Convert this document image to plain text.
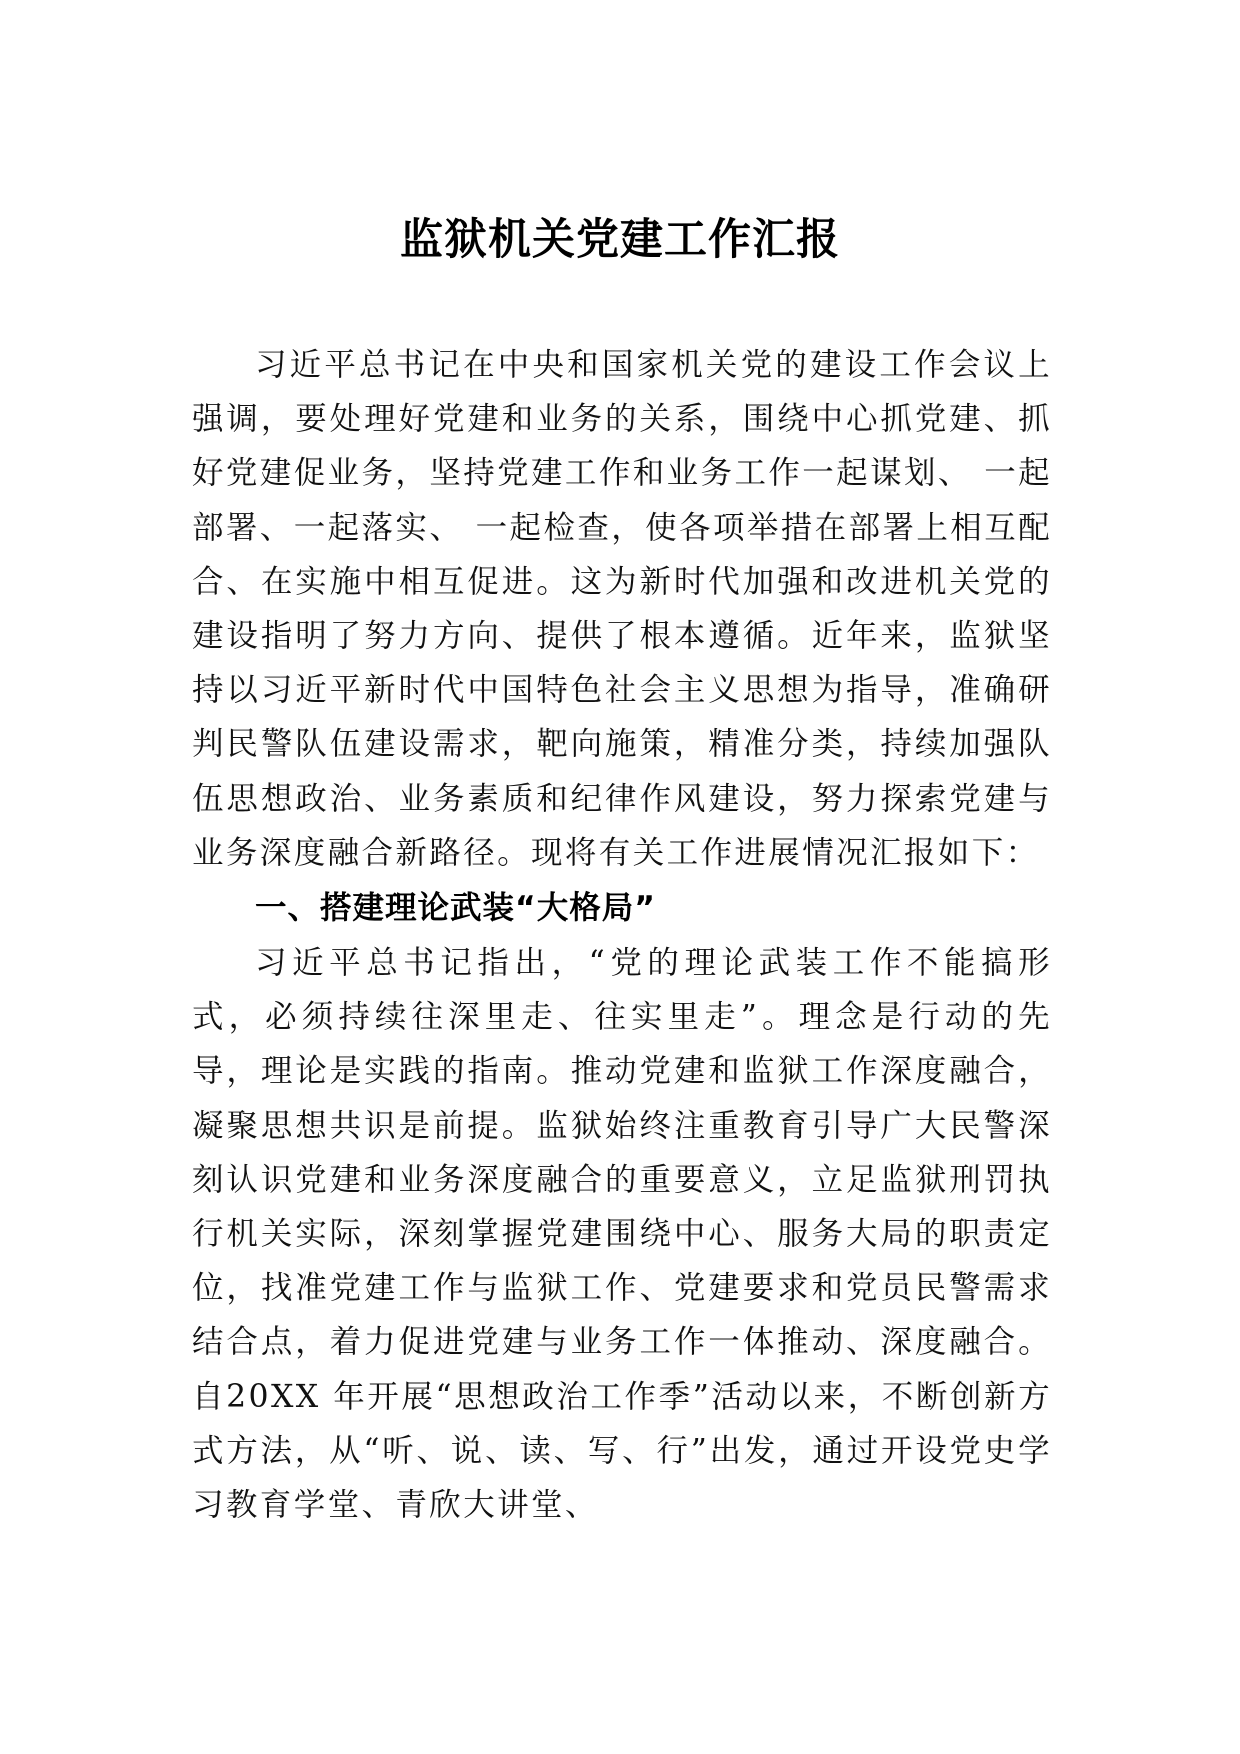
监狱机关党建工作汇报

习近平总书记在中央和国家机关党的建设工作会议上强调，要处理好党建和业务的关系，围绕中心抓党建、抓好党建促业务，坚持党建工作和业务工作一起谋划、 一起部署、一起落实、 一起检查，使各项举措在部署上相互配合、在实施中相互促进。这为新时代加强和改进机关党的建设指明了努力方向、提供了根本遵循。近年来，监狱坚持以习近平新时代中国特色社会主义思想为指导，准确研判民警队伍建设需求，靶向施策，精准分类，持续加强队伍思想政治、业务素质和纪律作风建设，努力探索党建与业务深度融合新路径。现将有关工作进展情况汇报如下：

一、搭建理论武装“大格局”

习近平总书记指出，“党的理论武装工作不能搞形式，必须持续往深里走、往实里走”。理念是行动的先导，理论是实践的指南。推动党建和监狱工作深度融合，凝聚思想共识是前提。监狱始终注重教育引导广大民警深刻认识党建和业务深度融合的重要意义，立足监狱刑罚执行机关实际，深刻掌握党建围绕中心、服务大局的职责定位，找准党建工作与监狱工作、党建要求和党员民警需求结合点，着力促进党建与业务工作一体推动、深度融合。自20XX 年开展“思想政治工作季”活动以来，不断创新方式方法，从“听、说、读、写、行”出发，通过开设党史学习教育学堂、青欣大讲堂、
